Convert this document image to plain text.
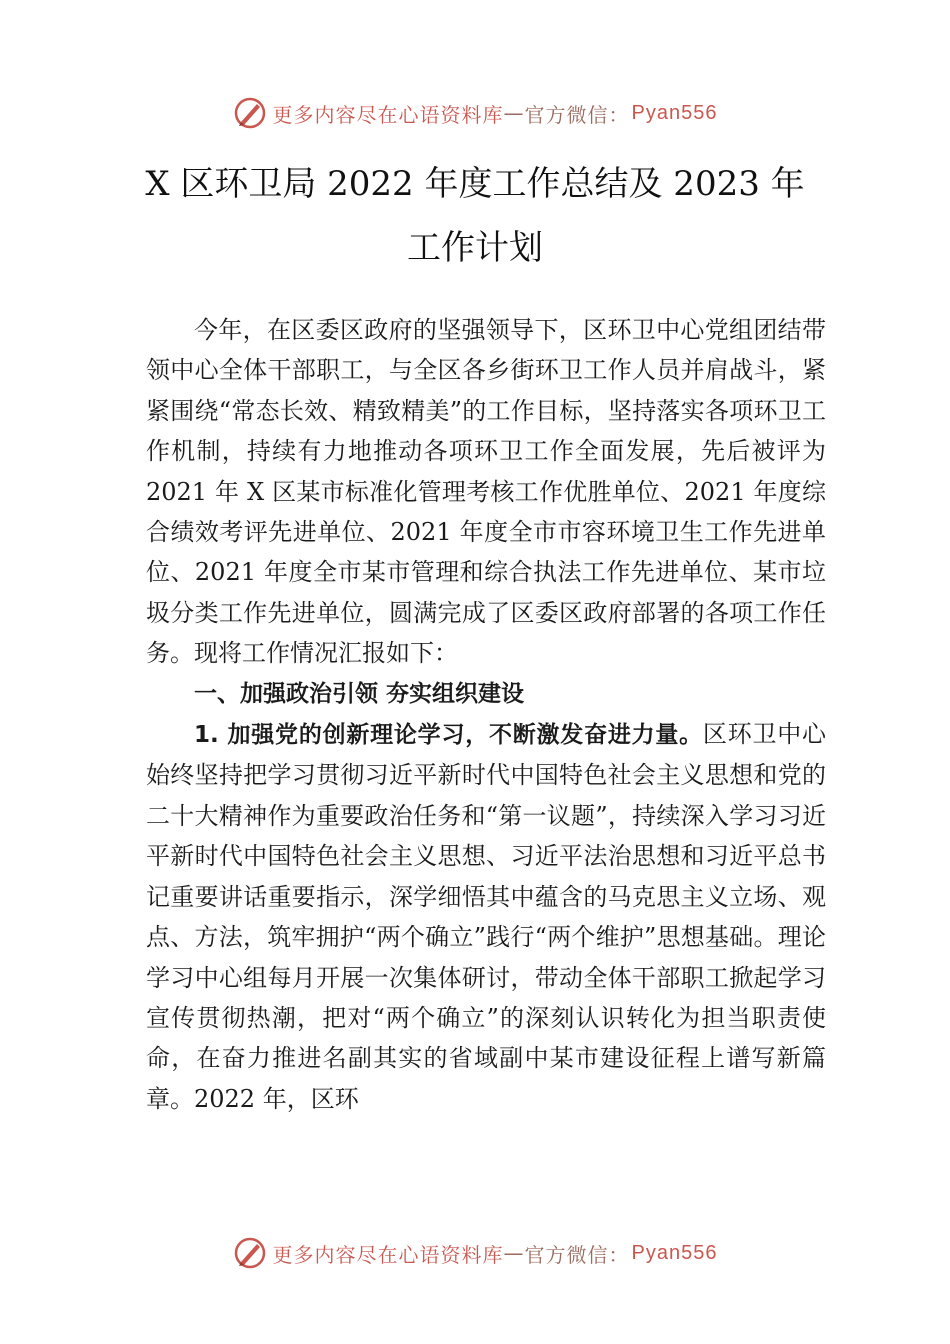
更多内容尽在心语资料库 — 官方微信： Pyan556
X 区环卫局 2022 年度工作总结及 2023 年
工作计划

今年，在区委区政府的坚强领导下，区环卫中心党组团结带领中心全体干部职工，与全区各乡街环卫工作人员并肩战斗，紧紧围绕“常态长效、精致精美”的工作目标，坚持落实各项环卫工作机制，持续有力地推动各项环卫工作全面发展，先后被评为 2021 年 X 区某市标准化管理考核工作优胜单位、2021 年度综合绩效考评先进单位、2021 年度全市市容环境卫生工作先进单位、2021 年度全市某市管理和综合执法工作先进单位、某市垃圾分类工作先进单位，圆满完成了区委区政府部署的各项工作任务。现将工作情况汇报如下：

一、加强政治引领 夯实组织建设

1. 加强党的创新理论学习，不断激发奋进力量。区环卫中心始终坚持把学习贯彻习近平新时代中国特色社会主义思想和党的二十大精神作为重要政治任务和“第一议题”，持续深入学习习近平新时代中国特色社会主义思想、习近平法治思想和习近平总书记重要讲话重要指示，深学细悟其中蕴含的马克思主义立场、观点、方法，筑牢拥护“两个确立”践行“两个维护”思想基础。理论学习中心组每月开展一次集体研讨，带动全体干部职工掀起学习宣传贯彻热潮，把对“两个确立”的深刻认识转化为担当职责使命，在奋力推进名副其实的省域副中某市建设征程上谱写新篇章。2022 年，区环

更多内容尽在心语资料库 — 官方微信： Pyan556
